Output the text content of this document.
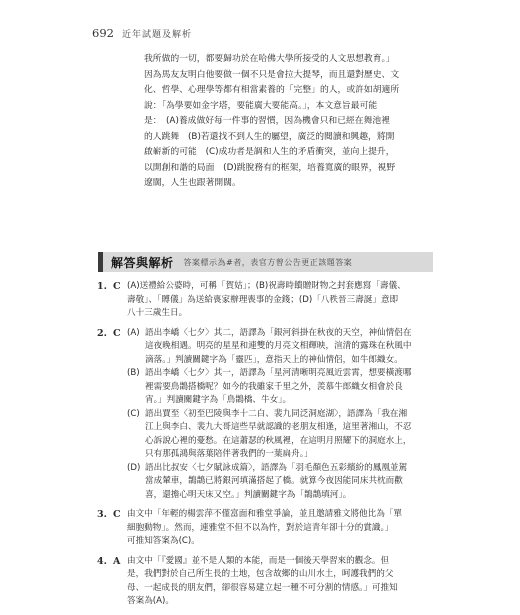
692 近年試題及解析
我所做的一切，都要歸功於在哈佛大學所接受的人文思想教育。」
因為馬友友明白他要做一個不只是會拉大提琴，而且還對歷史、文
化、哲學、心理學等都有相當素養的「完整」的人，或許如胡適所
說：「為學要如金字塔，要能廣大要能高。」，本文意旨最可能
是：　(A)養成做好每一件事的習慣，因為機會只和已經在舞池裡
的人跳舞　(B)若還找不到人生的屬望，廣泛的閱讀和興趣，將開
啟嶄新的可能　(C)成功者是調和人生的矛盾衝突，並向上提升，
以開創和諧的局面　(D)跳脫務有的框架，培養寬廣的眼界，視野
遼闊，人生也跟著開闊。
解答與解析	答案標示為#者，表官方曾公告更正該題答案
1. C (A)送禮給公婆時，可稱「賀姑」；(B)祝壽時饋贈財物之封套應寫「壽儀、

壽敬」、「賻儀」為送給喪家辦理喪事的金錢；(D)「八秩晉三壽誕」意即

八十三歲生日。

2. C (A) 語出李嶠〈七夕〉其二，語譯為「銀河斜掛在秋夜的天空，神仙情侶在

這夜晚相遇。明亮的星星和連雙的月亮文相輝映，渲清的露珠在秋風中

滴落。」判讀關鍵字為「靈匹」，意指天上的神仙情侶，如牛郎織女。

(B) 語出李嶠〈七夕〉其一，語譯為「星河清晰明亮風近雲霄，想要橫渡哪

裡需要鳥鵲搭橋呢？如今的我雖家千里之外，羨慕牛郎織女相會於良

宵。」判讀關鍵字為「鳥鵲橋、牛女」。

(C) 語出賈至〈初至巴陵與李十二白、裴九同泛洞庭湖〉，語譯為「我在湘

江上與李白、裴九大哥這些早就認識的老朋友相逢，這里著湘山，不忍

心訴說心裡的憂愁。在這蕭瑟的秋風裡，在這明月照耀下的洞庭水上，

只有那孤鴻與落葉陪伴著我們的一葉扁舟。」

(D) 語出比叔安〈七夕賦詠成篇〉，語譯為「羽毛顏色五彩繽紛的鳳凰並駕

當成輦車，鵲鵲已將銀河填滿搭起了橋。就算今夜因能同床共枕而歡

喜，還擔心明天床又空。」判讀關鍵字為「鵲鵲填河」。

3. C 由文中「年輕的楊雲萍不僅富面和雅堂爭論，並且邀請雅文將他比為「單

細胞動物」。然而，連雅堂不但不以為忤，對於這青年卻十分的賞識。」

可推知答案為(C)。

4. A 由文中「『愛國』並不是人類的本能，而是一個後天學習來的觀念。但

是，我們對於自己所生長的土地，包含故鄉的山川水土，呵護我們的父

母、一起成長的朋友們，卻很容易建立起一種不可分割的情感。」可推知

答案為(A)。
